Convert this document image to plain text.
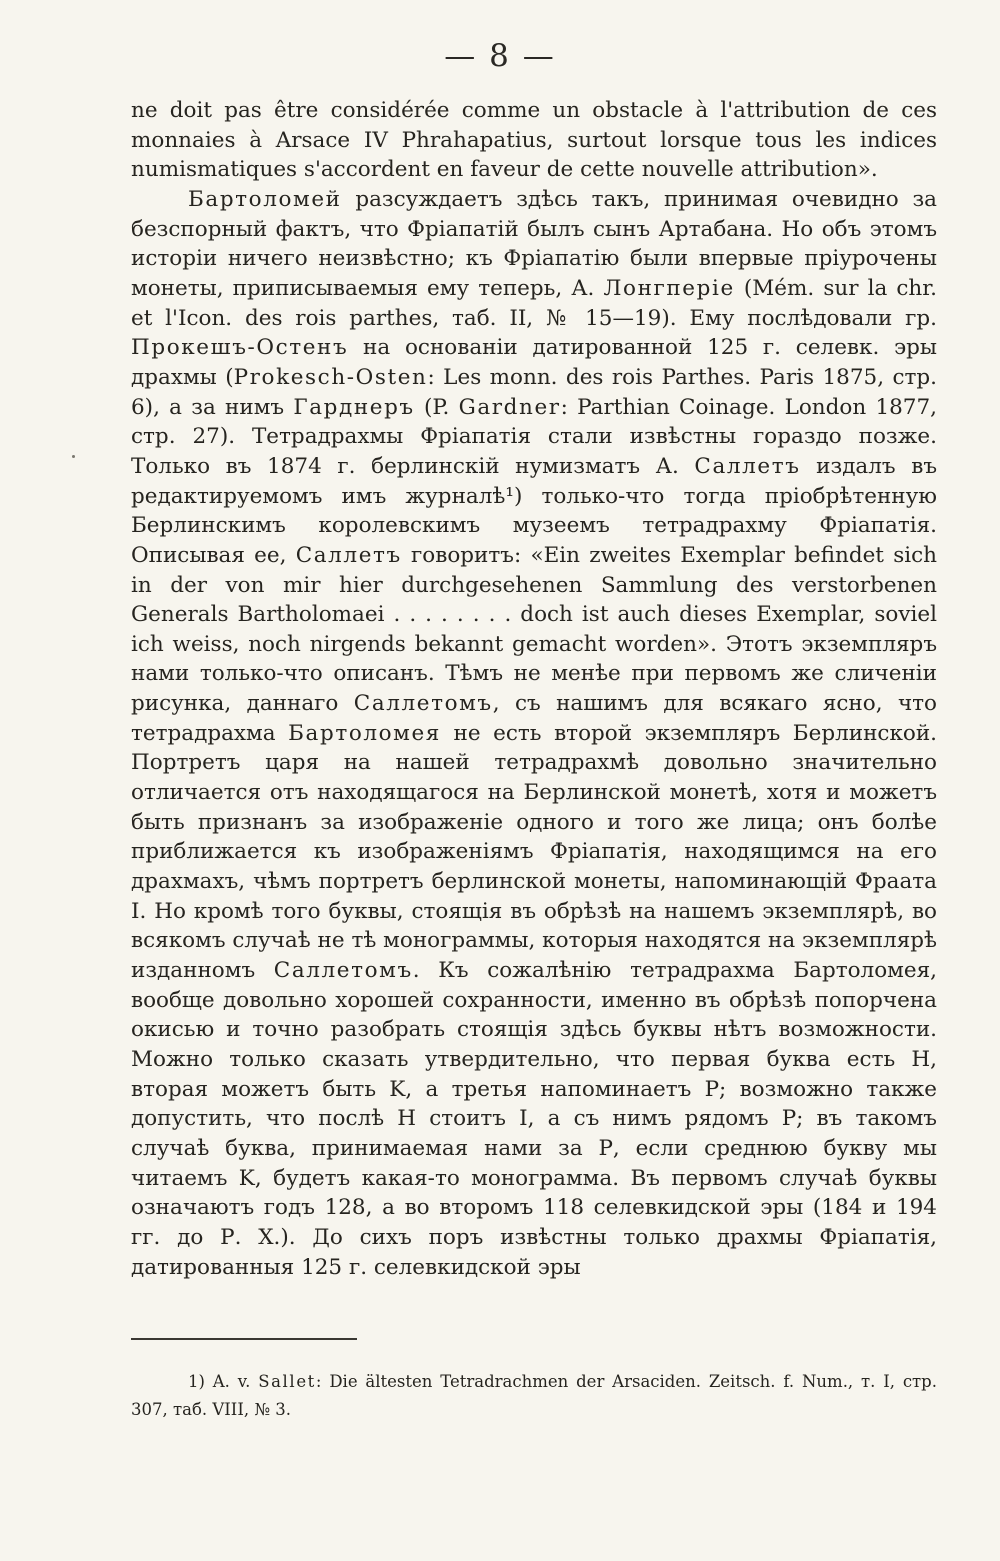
— 8 —

ne doit pas être considérée comme un obstacle à l'attribution de ces monnaies à Arsace IV Phrahapatius, surtout lorsque tous les indices numismatiques s'accordent en faveur de cette nouvelle attribution».

Бартоломей разсуждаетъ здѣсь такъ, принимая очевидно за безспорный фактъ, что Фріапатій былъ сынъ Артабана. Но объ этомъ исторіи ничего неизвѣстно; къ Фріапатію были впервые пріурочены монеты, приписываемыя ему теперь, А. Лонгперіе (Mém. sur la chr. et l'Icon. des rois parthes, таб. II, № 15—19). Ему послѣдовали гр. Прокешъ-Остенъ на основаніи датированной 125 г. селевк. эры драхмы (Prokesch-Osten: Les monn. des rois Parthes. Paris 1875, стр. 6), а за нимъ Гарднеръ (P. Gardner: Parthian Coinage. London 1877, стр. 27). Тетрадрахмы Фріапатія стали извѣстны гораздо позже. Только въ 1874 г. берлинскій нумизматъ А. Саллетъ издалъ въ редактируемомъ имъ журналѣ¹) только-что тогда пріобрѣтенную Берлинскимъ королевскимъ музеемъ тетрадрахму Фріапатія. Описывая ее, Саллетъ говоритъ: «Ein zweites Exemplar befindet sich in der von mir hier durchgesehenen Sammlung des verstorbenen Generals Bartholomaei . . . . . . . . doch ist auch dieses Exemplar, soviel ich weiss, noch nirgends bekannt gemacht worden». Этотъ экземпляръ нами только-что описанъ. Тѣмъ не менѣе при первомъ же сличеніи рисунка, даннаго Саллетомъ, съ нашимъ для всякаго ясно, что тетрадрахма Бартоломея не есть второй экземпляръ Берлинской. Портретъ царя на нашей тетрадрахмѣ довольно значительно отличается отъ находящагося на Берлинской монетѣ, хотя и можетъ быть признанъ за изображеніе одного и того же лица; онъ болѣе приближается къ изображеніямъ Фріапатія, находящимся на его драхмахъ, чѣмъ портретъ берлинской монеты, напоминающій Фраата I. Но кромѣ того буквы, стоящія въ обрѣзѣ на нашемъ экземплярѣ, во всякомъ случаѣ не тѣ монограммы, которыя находятся на экземплярѣ изданномъ Саллетомъ. Къ сожалѣнію тетрадрахма Бартоломея, вообще довольно хорошей сохранности, именно въ обрѣзѣ попорчена окисью и точно разобрать стоящія здѣсь буквы нѣтъ возможности. Можно только сказать утвердительно, что первая буква есть Η, вторая можетъ быть Κ, а третья напоминаетъ Ρ; возможно также допустить, что послѣ Η стоитъ Ι, а съ нимъ рядомъ Ρ; въ такомъ случаѣ буква, принимаемая нами за Ρ, если среднюю букву мы читаемъ Κ, будетъ какая-то монограмма. Въ первомъ случаѣ буквы означаютъ годъ 128, а во второмъ 118 селевкидской эры (184 и 194 гг. до Р. Х.). До сихъ поръ извѣстны только драхмы Фріапатія, датированныя 125 г. селевкидской эры

1) A. v. Sallet: Die ältesten Tetradrachmen der Arsaciden. Zeitsch. f. Num., т. I, стр. 307, таб. VIII, № 3.
